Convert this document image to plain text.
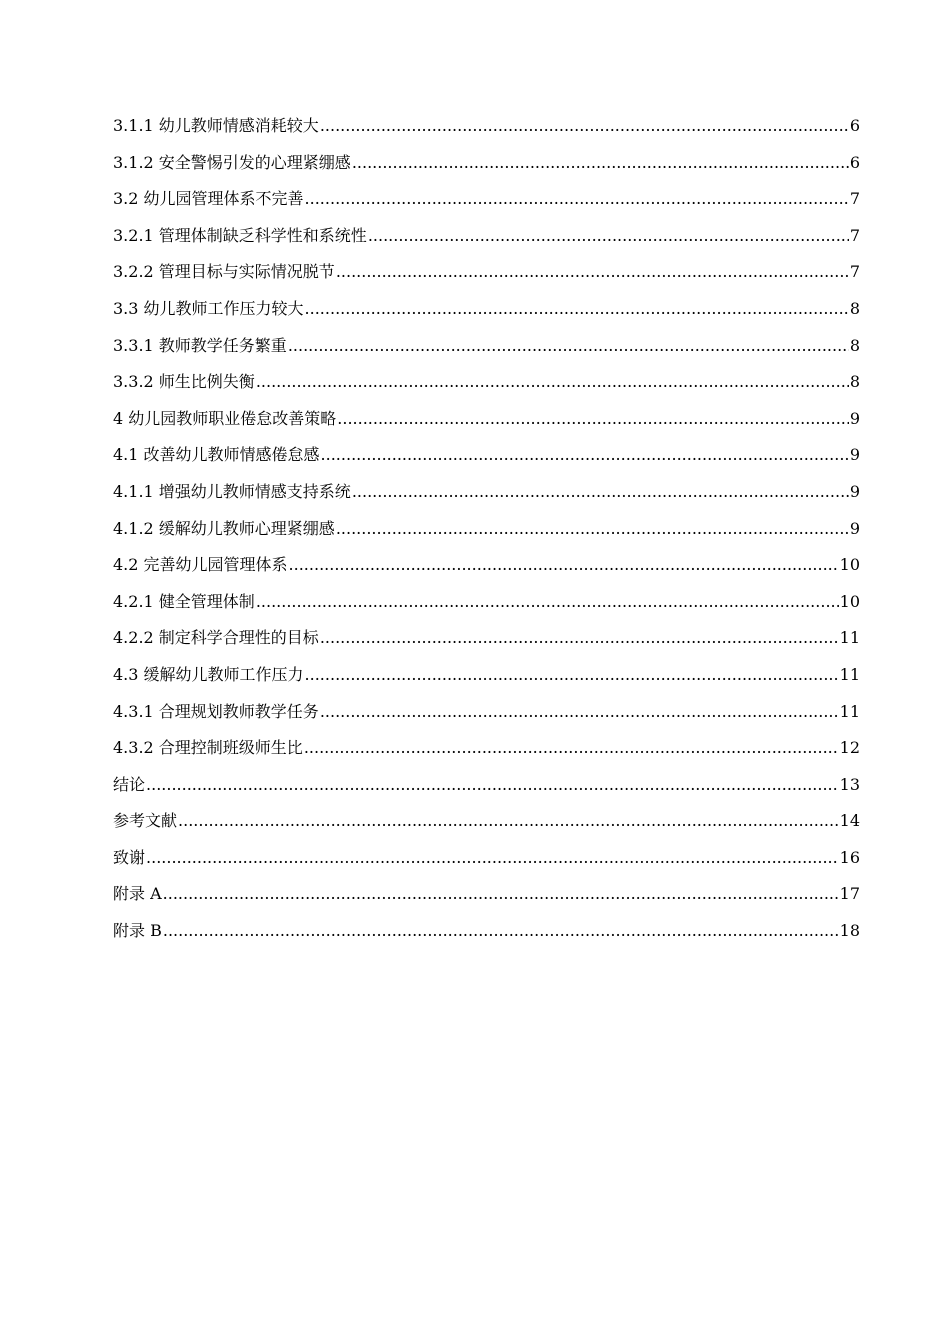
3.1.1 幼儿教师情感消耗较大 .....	6
3.1.2 安全警惕引发的心理紧绷感 .....	6
3.2 幼儿园管理体系不完善 .....	7
3.2.1 管理体制缺乏科学性和系统性 .....	7
3.2.2 管理目标与实际情况脱节 .....	7
3.3 幼儿教师工作压力较大 .....	8
3.3.1 教师教学任务繁重 .....	8
3.3.2 师生比例失衡 .....	8
4 幼儿园教师职业倦怠改善策略 .....	9
4.1 改善幼儿教师情感倦怠感 .....	9
4.1.1 增强幼儿教师情感支持系统 .....	9
4.1.2 缓解幼儿教师心理紧绷感 .....	9
4.2 完善幼儿园管理体系 .....	10
4.2.1 健全管理体制 .....	10
4.2.2 制定科学合理性的目标 .....	11
4.3 缓解幼儿教师工作压力 .....	11
4.3.1 合理规划教师教学任务 .....	11
4.3.2 合理控制班级师生比 .....	12
结论 .....	13
参考文献 .....	14
致谢 .....	16
附录 A .....	17
附录 B .....	18
